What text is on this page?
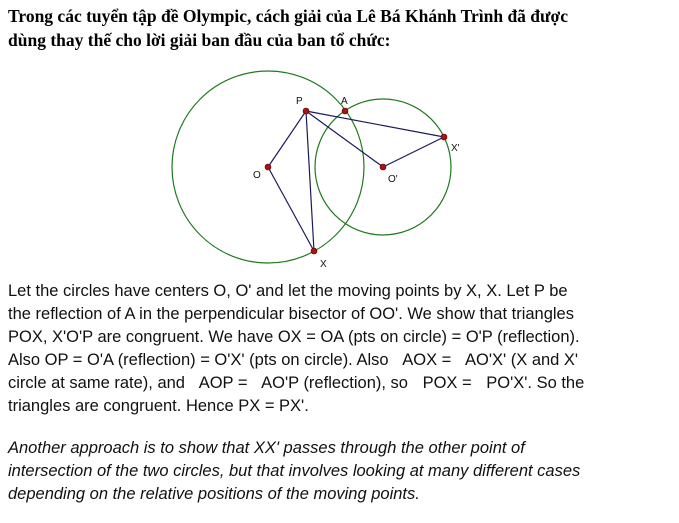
Trong các tuyển tập đề Olympic, cách giải của Lê Bá Khánh Trình đã được
dùng thay thế cho lời giải ban đầu của ban tổ chức:
P	A
O	O'
X'
X
Let the circles have centers O, O' and let the moving points by X, X. Let P be
the reflection of A in the perpendicular bisector of OO'. We show that triangles
POX, X'O'P are congruent. We have OX = OA (pts on circle) = O'P (reflection).
Also OP = O'A (reflection) = O'X' (pts on circle). Also AOX = AO'X' (X and X'
circle at same rate), and AOP = AO'P (reflection), so POX = PO'X'. So the
triangles are congruent. Hence PX = PX'.
Another approach is to show that XX' passes through the other point of
intersection of the two circles, but that involves looking at many different cases
depending on the relative positions of the moving points.
